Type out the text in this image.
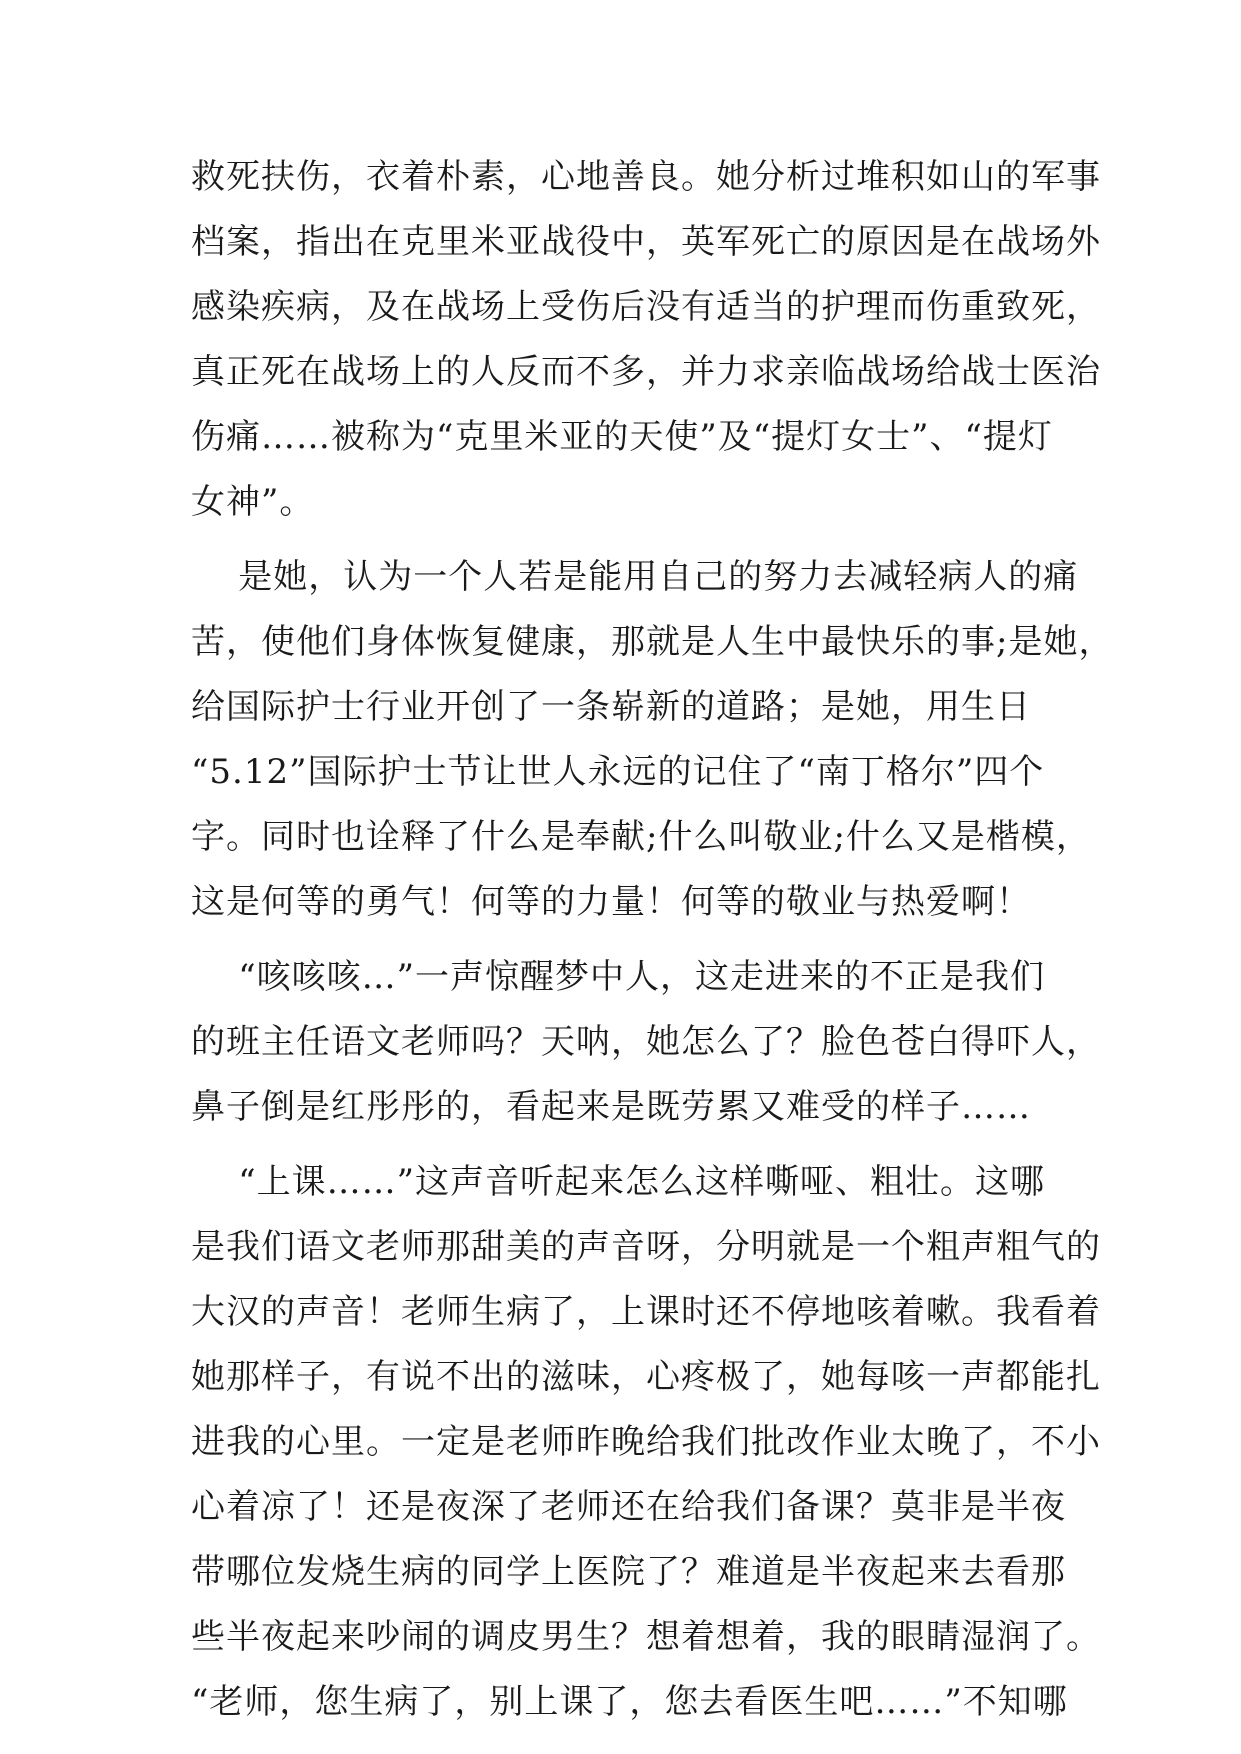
救死扶伤，衣着朴素，心地善良。她分析过堆积如山的军事
档案，指出在克里米亚战役中，英军死亡的原因是在战场外
感染疾病，及在战场上受伤后没有适当的护理而伤重致死，
真正死在战场上的人反而不多，并力求亲临战场给战士医治
伤痛……被称为“克里米亚的天使”及“提灯女士”、“提灯
女神”。
是她，认为一个人若是能用自己的努力去减轻病人的痛
苦，使他们身体恢复健康，那就是人生中最快乐的事;是她，
给国际护士行业开创了一条崭新的道路；是她，用生日
“5.12”国际护士节让世人永远的记住了“南丁格尔”四个
字。同时也诠释了什么是奉献;什么叫敬业;什么又是楷模，
这是何等的勇气！何等的力量！何等的敬业与热爱啊！
“咳咳咳…”一声惊醒梦中人，这走进来的不正是我们
的班主任语文老师吗？天呐，她怎么了？脸色苍白得吓人，
鼻子倒是红彤彤的，看起来是既劳累又难受的样子……
“上课……”这声音听起来怎么这样嘶哑、粗壮。这哪
是我们语文老师那甜美的声音呀，分明就是一个粗声粗气的
大汉的声音！老师生病了，上课时还不停地咳着嗽。我看着
她那样子，有说不出的滋味，心疼极了，她每咳一声都能扎
进我的心里。一定是老师昨晚给我们批改作业太晚了，不小
心着凉了！还是夜深了老师还在给我们备课？莫非是半夜
带哪位发烧生病的同学上医院了？难道是半夜起来去看那
些半夜起来吵闹的调皮男生？想着想着，我的眼睛湿润了。
“老师，您生病了，别上课了，您去看医生吧……”不知哪
